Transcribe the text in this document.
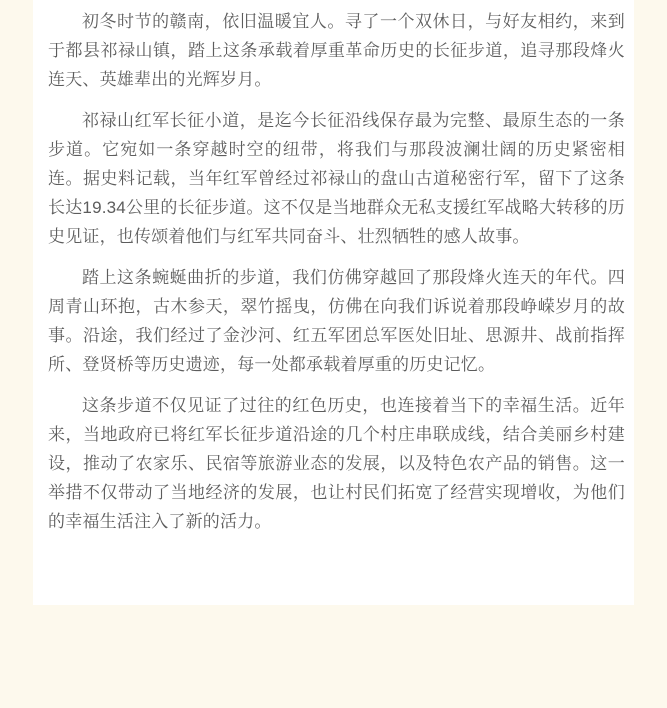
初冬时节的赣南，依旧温暖宜人。寻了一个双休日，与好友相约，来到于都县祁禄山镇，踏上这条承载着厚重革命历史的长征步道，追寻那段烽火连天、英雄辈出的光辉岁月。

祁禄山红军长征小道，是迄今长征沿线保存最为完整、最原生态的一条步道。它宛如一条穿越时空的纽带，将我们与那段波澜壮阔的历史紧密相连。据史料记载，当年红军曾经过祁禄山的盘山古道秘密行军，留下了这条长达19.34公里的长征步道。这不仅是当地群众无私支援红军战略大转移的历史见证，也传颂着他们与红军共同奋斗、壮烈牺牲的感人故事。

踏上这条蜿蜒曲折的步道，我们仿佛穿越回了那段烽火连天的年代。四周青山环抱，古木参天，翠竹摇曳，仿佛在向我们诉说着那段峥嵘岁月的故事。沿途，我们经过了金沙河、红五军团总军医处旧址、思源井、战前指挥所、登贤桥等历史遗迹，每一处都承载着厚重的历史记忆。

这条步道不仅见证了过往的红色历史，也连接着当下的幸福生活。近年来，当地政府已将红军长征步道沿途的几个村庄串联成线，结合美丽乡村建设，推动了农家乐、民宿等旅游业态的发展，以及特色农产品的销售。这一举措不仅带动了当地经济的发展，也让村民们拓宽了经营实现增收，为他们的幸福生活注入了新的活力。
